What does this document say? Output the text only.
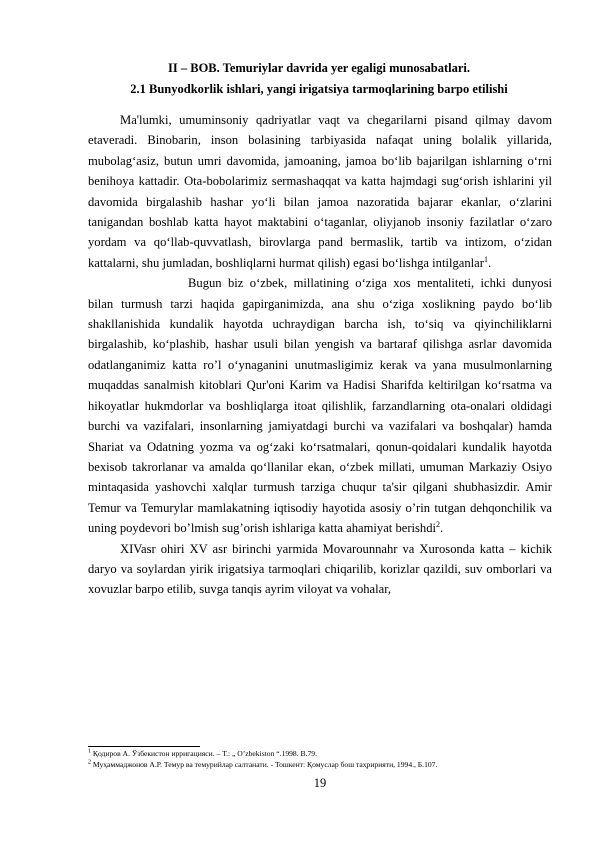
II – BOB. Temuriylar davrida yer egaligi munosabatlari.
2.1 Bunyodkorlik ishlari, yangi irigatsiya tarmoqlarining barpo etilishi

Ma'lumki, umuminsoniy qadriyatlar vaqt va chegarilarni pisand qilmay davom etaveradi. Binobarin, inson bolasining tarbiyasida nafaqat uning bolalik yillarida, mubolag‘asiz, butun umri davomida, jamoaning, jamoa bo‘lib bajarilgan ishlarning o‘rni benihoya kattadir. Ota-bobolarimiz sermashaqqat va katta hajmdagi sug‘orish ishlarini yil davomida birgalashib hashar yo‘li bilan jamoa nazoratida bajarar ekanlar, o‘zlarini tanigandan boshlab katta hayot maktabini o‘taganlar, oliyjanob insoniy fazilatlar o‘zaro yordam va qo‘llab-quvvatlash, birovlarga pand bermaslik, tartib va intizom, o‘zidan kattalarni, shu jumladan, boshliqlarni hurmat qilish) egasi bo‘lishga intilganlar$^1$.

Bugun biz o‘zbek, millatining o‘ziga xos mentaliteti, ichki dunyosi bilan turmush tarzi haqida gapirganimizda, ana shu o‘ziga xoslikning paydo bo‘lib shakllanishida kundalik hayotda uchraydigan barcha ish, to‘siq va qiyinchiliklarni birgalashib, ko‘plashib, hashar usuli bilan yengish va bartaraf qilishga asrlar davomida odatlanganimiz katta ro’l o‘ynaganini unutmasligimiz kerak va yana musulmonlarning muqaddas sanalmish kitoblari Qur'oni Karim va Hadisi Sharifda keltirilgan ko‘rsatma va hikoyatlar hukmdorlar va boshliqlarga itoat qilishlik, farzandlarning ota-onalari oldidagi burchi va vazifalari, insonlarning jamiyatdagi burchi va vazifalari va boshqalar) hamda Shariat va Odatning yozma va og‘zaki ko‘rsatmalari, qonun-qoidalari kundalik hayotda bexisob takrorlanar va amalda qo‘llanilar ekan, o‘zbek millati, umuman Markaziy Osiyo mintaqasida yashovchi xalqlar turmush tarziga chuqur ta'sir qilgani shubhasizdir. Amir Temur va Temurylar mamlakatning iqtisodiy hayotida asosiy o’rin tutgan dehqonchilik va uning poydevori bo’lmish sug’orish ishlariga katta ahamiyat berishdi$^2$.

XIVasr ohiri XV asr birinchi yarmida Movarounnahr va Xurosonda katta – kichik daryo va soylardan yirik irigatsiya tarmoqlari chiqarilib, korizlar qazildi, suv omborlari va xovuzlar barpo etilib, suvga tanqis ayrim viloyat va vohalar,

$^1$ Қодиров А. Ўзбекистон ирригацияси. – Т.: „ O’zbekiston “.1998. B.79.

$^2$ Муҳаммаджонов А.Р. Темур ва темурийлар салтанати. - Тошкент: Қомуслар бош таҳририяти, 1994., Б.107.

19
